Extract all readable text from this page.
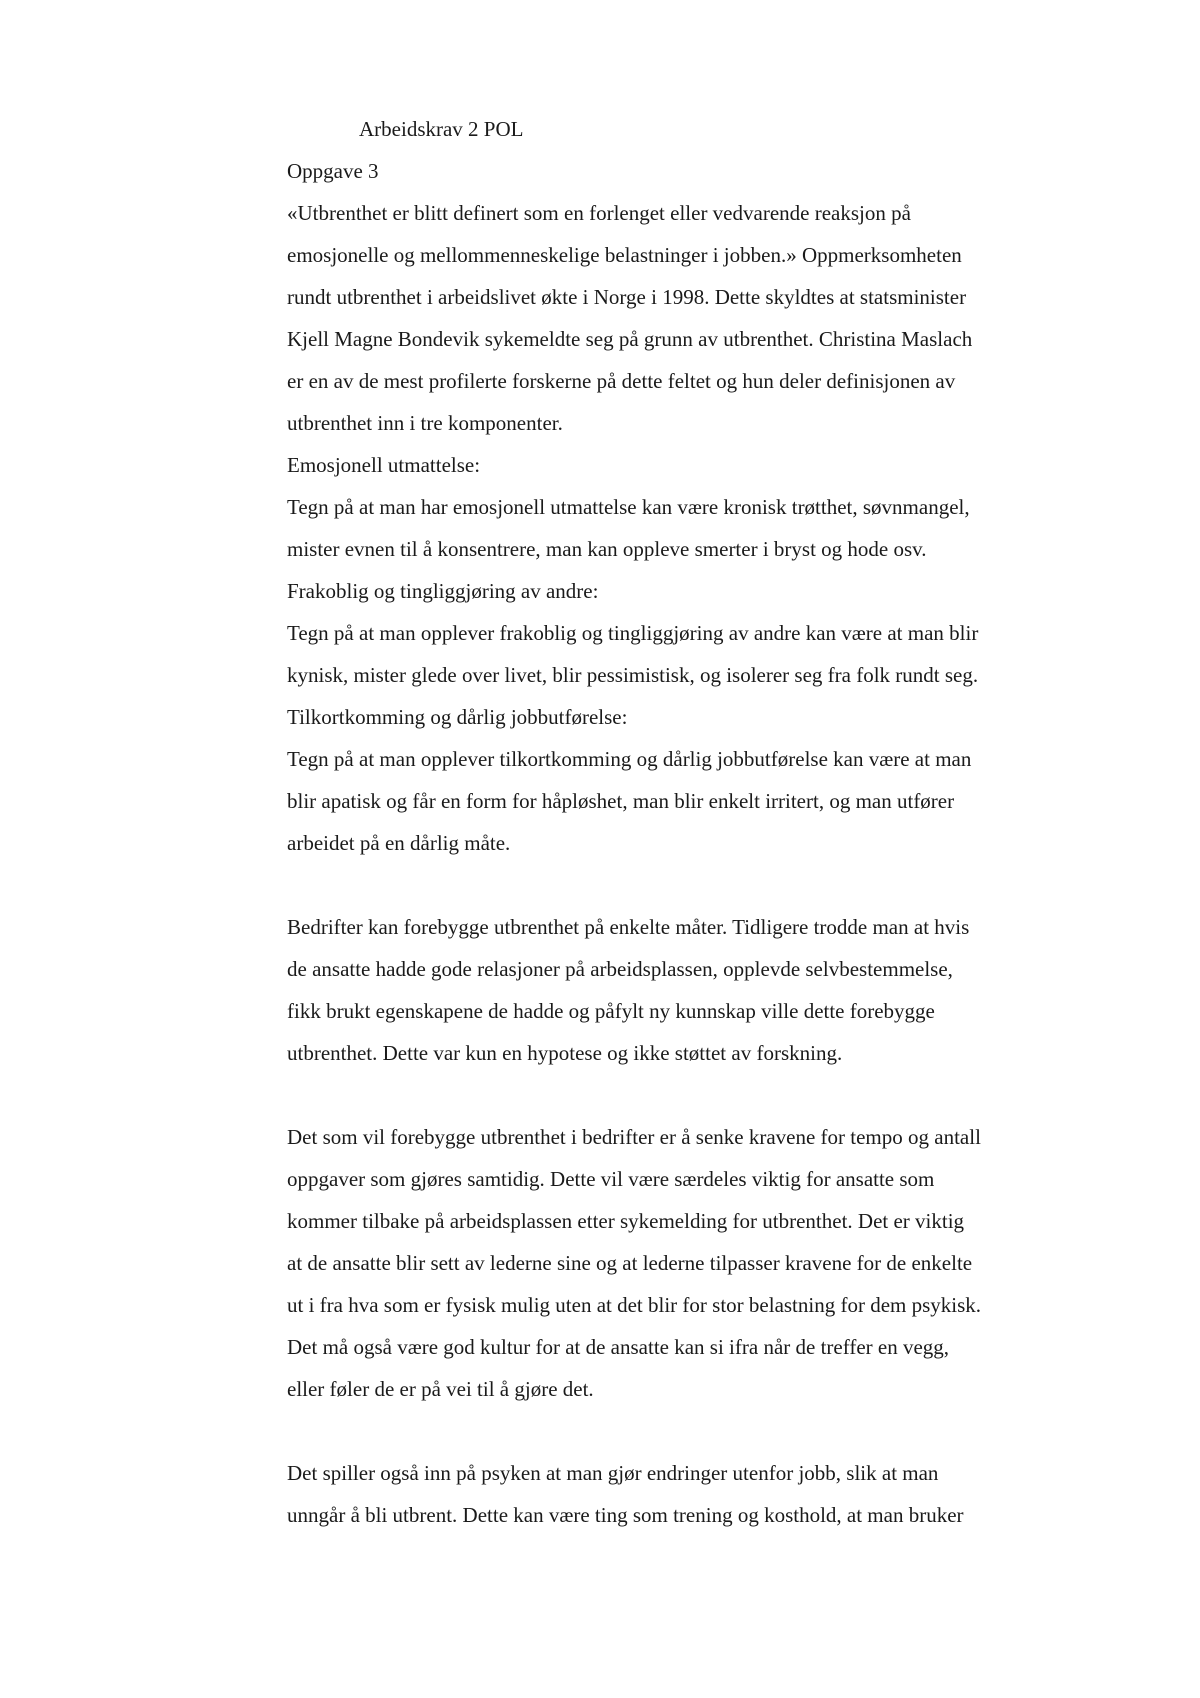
Arbeidskrav 2 POL
Oppgave 3
«Utbrenthet er blitt definert som en forlenget eller vedvarende reaksjon på
emosjonelle og mellommenneskelige belastninger i jobben.» Oppmerksomheten
rundt utbrenthet i arbeidslivet økte i Norge i 1998. Dette skyldtes at statsminister
Kjell Magne Bondevik sykemeldte seg på grunn av utbrenthet. Christina Maslach
er en av de mest profilerte forskerne på dette feltet og hun deler definisjonen av
utbrenthet inn i tre komponenter.
Emosjonell utmattelse:
Tegn på at man har emosjonell utmattelse kan være kronisk trøtthet, søvnmangel,
mister evnen til å konsentrere, man kan oppleve smerter i bryst og hode osv.
Frakoblig og tingliggjøring av andre:
Tegn på at man opplever frakoblig og tingliggjøring av andre kan være at man blir
kynisk, mister glede over livet, blir pessimistisk, og isolerer seg fra folk rundt seg.
Tilkortkomming og dårlig jobbutførelse:
Tegn på at man opplever tilkortkomming og dårlig jobbutførelse kan være at man
blir apatisk og får en form for håpløshet, man blir enkelt irritert, og man utfører
arbeidet på en dårlig måte.
Bedrifter kan forebygge utbrenthet på enkelte måter. Tidligere trodde man at hvis
de ansatte hadde gode relasjoner på arbeidsplassen, opplevde selvbestemmelse,
fikk brukt egenskapene de hadde og påfylt ny kunnskap ville dette forebygge
utbrenthet. Dette var kun en hypotese og ikke støttet av forskning.
Det som vil forebygge utbrenthet i bedrifter er å senke kravene for tempo og antall
oppgaver som gjøres samtidig. Dette vil være særdeles viktig for ansatte som
kommer tilbake på arbeidsplassen etter sykemelding for utbrenthet. Det er viktig
at de ansatte blir sett av lederne sine og at lederne tilpasser kravene for de enkelte
ut i fra hva som er fysisk mulig uten at det blir for stor belastning for dem psykisk.
Det må også være god kultur for at de ansatte kan si ifra når de treffer en vegg,
eller føler de er på vei til å gjøre det.
Det spiller også inn på psyken at man gjør endringer utenfor jobb, slik at man
unngår å bli utbrent. Dette kan være ting som trening og kosthold, at man bruker
